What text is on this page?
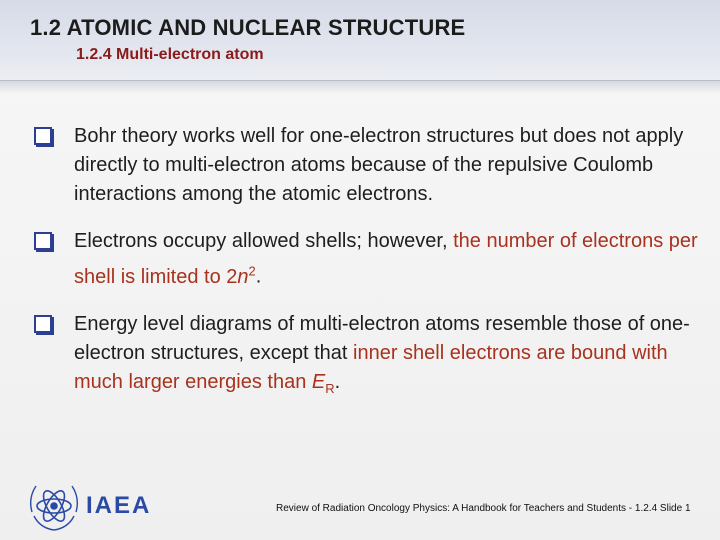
1.2 ATOMIC AND NUCLEAR STRUCTURE
1.2.4 Multi-electron atom
Bohr theory works well for one-electron structures but does not apply directly to multi-electron atoms because of the repulsive Coulomb interactions among the atomic electrons.
Electrons occupy allowed shells; however, the number of electrons per shell is limited to $2n^2$.
Energy level diagrams of multi-electron atoms resemble those of one-electron structures, except that inner shell electrons are bound with much larger energies than $E_R$.
IAEA	Review of Radiation Oncology Physics: A Handbook for Teachers and Students - 1.2.4 Slide 1
